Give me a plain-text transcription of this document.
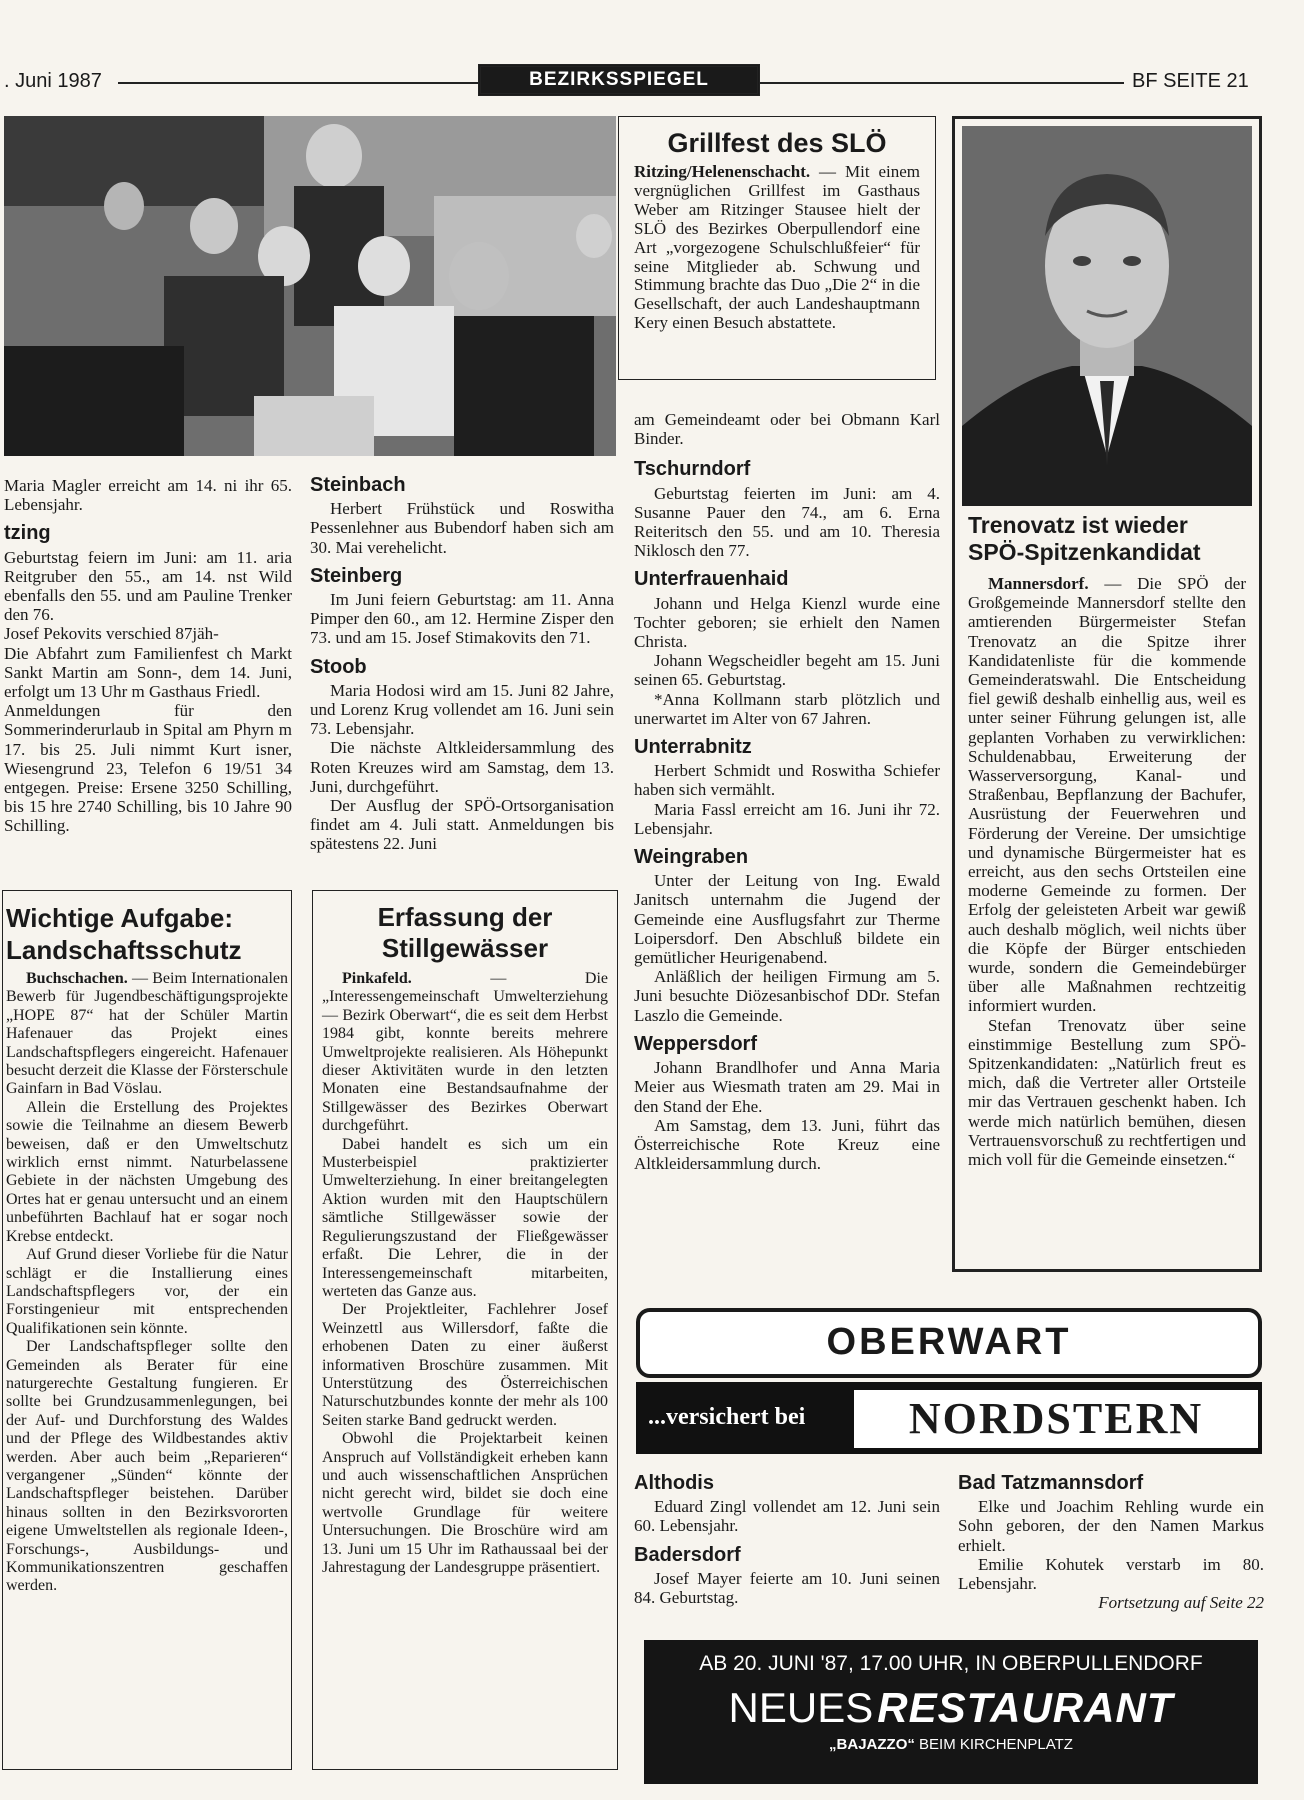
. Juni 1987	BEZIRKSSPIEGEL	BF SEITE 21
Grillfest des SLÖ

Ritzing/Helenenschacht. — Mit einem vergnüglichen Grillfest im Gasthaus Weber am Ritzinger Stausee hielt der SLÖ des Bezirkes Oberpullendorf eine Art „vorgezogene Schulschlußfeier“ für seine Mitglieder ab. Schwung und Stimmung brachte das Duo „Die 2“ in die Gesellschaft, der auch Landeshauptmann Kery einen Besuch abstattete.

Trenovatz ist wieder SPÖ-Spitzenkandidat

Mannersdorf. — Die SPÖ der Großgemeinde Mannersdorf stellte den amtierenden Bürgermeister Stefan Trenovatz an die Spitze ihrer Kandidatenliste für die kommende Gemeinderatswahl. Die Entscheidung fiel gewiß deshalb einhellig aus, weil es unter seiner Führung gelungen ist, alle geplanten Vorhaben zu verwirklichen: Schuldenabbau, Erweiterung der Wasserversorgung, Kanal- und Straßenbau, Bepflanzung der Bachufer, Ausrüstung der Feuerwehren und Förderung der Vereine. Der umsichtige und dynamische Bürgermeister hat es erreicht, aus den sechs Ortsteilen eine moderne Gemeinde zu formen. Der Erfolg der geleisteten Arbeit war gewiß auch deshalb möglich, weil nichts über die Köpfe der Bürger entschieden wurde, sondern die Gemeindebürger über alle Maßnahmen rechtzeitig informiert wurden.

Stefan Trenovatz über seine einstimmige Bestellung zum SPÖ-Spitzenkandidaten: „Natürlich freut es mich, daß die Vertreter aller Ortsteile mir das Vertrauen geschenkt haben. Ich werde mich natürlich bemühen, diesen Vertrauensvorschuß zu rechtfertigen und mich voll für die Gemeinde einsetzen.“

Maria Magler erreicht am 14. ni ihr 65. Lebensjahr.

tzing

Geburtstag feiern im Juni: am 11. aria Reitgruber den 55., am 14. nst Wild ebenfalls den 55. und am Pauline Trenker den 76.

Josef Pekovits verschied 87jäh-

Die Abfahrt zum Familienfest ch Markt Sankt Martin am Sonn-, dem 14. Juni, erfolgt um 13 Uhr m Gasthaus Friedl.

Anmeldungen für den Sommerinderurlaub in Spital am Phyrn m 17. bis 25. Juli nimmt Kurt isner, Wiesengrund 23, Telefon 6 19/51 34 entgegen. Preise: Ersene 3250 Schilling, bis 15 hre 2740 Schilling, bis 10 Jahre 90 Schilling.

Steinbach

Herbert Frühstück und Roswitha Pessenlehner aus Bubendorf haben sich am 30. Mai verehelicht.

Steinberg

Im Juni feiern Geburtstag: am 11. Anna Pimper den 60., am 12. Hermine Zisper den 73. und am 15. Josef Stimakovits den 71.

Stoob

Maria Hodosi wird am 15. Juni 82 Jahre, und Lorenz Krug vollendet am 16. Juni sein 73. Lebensjahr.

Die nächste Altkleidersammlung des Roten Kreuzes wird am Samstag, dem 13. Juni, durchgeführt.

Der Ausflug der SPÖ-Ortsorganisation findet am 4. Juli statt. Anmeldungen bis spätestens 22. Juni

am Gemeindeamt oder bei Obmann Karl Binder.

Tschurndorf

Geburtstag feierten im Juni: am 4. Susanne Pauer den 74., am 6. Erna Reiteritsch den 55. und am 10. Theresia Niklosch den 77.

Unterfrauenhaid

Johann und Helga Kienzl wurde eine Tochter geboren; sie erhielt den Namen Christa.

Johann Wegscheidler begeht am 15. Juni seinen 65. Geburtstag.

*Anna Kollmann starb plötzlich und unerwartet im Alter von 67 Jahren.

Unterrabnitz

Herbert Schmidt und Roswitha Schiefer haben sich vermählt.

Maria Fassl erreicht am 16. Juni ihr 72. Lebensjahr.

Weingraben

Unter der Leitung von Ing. Ewald Janitsch unternahm die Jugend der Gemeinde eine Ausflugsfahrt zur Therme Loipersdorf. Den Abschluß bildete ein gemütlicher Heurigenabend.

Anläßlich der heiligen Firmung am 5. Juni besuchte Diözesanbischof DDr. Stefan Laszlo die Gemeinde.

Weppersdorf

Johann Brandlhofer und Anna Maria Meier aus Wiesmath traten am 29. Mai in den Stand der Ehe.

Am Samstag, dem 13. Juni, führt das Österreichische Rote Kreuz eine Altkleidersammlung durch.

Wichtige Aufgabe: Landschaftsschutz

Buchschachen. — Beim Internationalen Bewerb für Jugendbeschäftigungsprojekte „HOPE 87“ hat der Schüler Martin Hafenauer das Projekt eines Landschaftspflegers eingereicht. Hafenauer besucht derzeit die Klasse der Försterschule Gainfarn in Bad Vöslau.

Allein die Erstellung des Projektes sowie die Teilnahme an diesem Bewerb beweisen, daß er den Umweltschutz wirklich ernst nimmt. Naturbelassene Gebiete in der nächsten Umgebung des Ortes hat er genau untersucht und an einem unbeführten Bachlauf hat er sogar noch Krebse entdeckt.

Auf Grund dieser Vorliebe für die Natur schlägt er die Installierung eines Landschaftspflegers vor, der ein Forstingenieur mit entsprechenden Qualifikationen sein könnte.

Der Landschaftspfleger sollte den Gemeinden als Berater für eine naturgerechte Gestaltung fungieren. Er sollte bei Grundzusammenlegungen, bei der Auf- und Durchforstung des Waldes und der Pflege des Wildbestandes aktiv werden. Aber auch beim „Reparieren“ vergangener „Sünden“ könnte der Landschaftspfleger beistehen. Darüber hinaus sollten in den Bezirksvororten eigene Umweltstellen als regionale Ideen-, Forschungs-, Ausbildungs- und Kommunikationszentren geschaffen werden.

Erfassung der Stillgewässer

Pinkafeld. — Die „Interessengemeinschaft Umwelterziehung — Bezirk Oberwart“, die es seit dem Herbst 1984 gibt, konnte bereits mehrere Umweltprojekte realisieren. Als Höhepunkt dieser Aktivitäten wurde in den letzten Monaten eine Bestandsaufnahme der Stillgewässer des Bezirkes Oberwart durchgeführt.

Dabei handelt es sich um ein Musterbeispiel praktizierter Umwelterziehung. In einer breitangelegten Aktion wurden mit den Hauptschülern sämtliche Stillgewässer sowie der Regulierungszustand der Fließgewässer erfaßt. Die Lehrer, die in der Interessengemeinschaft mitarbeiten, werteten das Ganze aus.

Der Projektleiter, Fachlehrer Josef Weinzettl aus Willersdorf, faßte die erhobenen Daten zu einer äußerst informativen Broschüre zusammen. Mit Unterstützung des Österreichischen Naturschutzbundes konnte der mehr als 100 Seiten starke Band gedruckt werden.

Obwohl die Projektarbeit keinen Anspruch auf Vollständigkeit erheben kann und auch wissenschaftlichen Ansprüchen nicht gerecht wird, bildet sie doch eine wertvolle Grundlage für weitere Untersuchungen. Die Broschüre wird am 13. Juni um 15 Uhr im Rathaussaal bei der Jahrestagung der Landesgruppe präsentiert.

OBERWART
...versichert bei	NORDSTERN
Althodis

Eduard Zingl vollendet am 12. Juni sein 60. Lebensjahr.

Badersdorf

Josef Mayer feierte am 10. Juni seinen 84. Geburtstag.

Bad Tatzmannsdorf

Elke und Joachim Rehling wurde ein Sohn geboren, der den Namen Markus erhielt.

Emilie Kohutek verstarb im 80. Lebensjahr.

Fortsetzung auf Seite 22

AB 20. JUNI '87, 17.00 UHR, IN OBERPULLENDORF
NEUES RESTAURANT
„BAJAZZO“ BEIM KIRCHENPLATZ
